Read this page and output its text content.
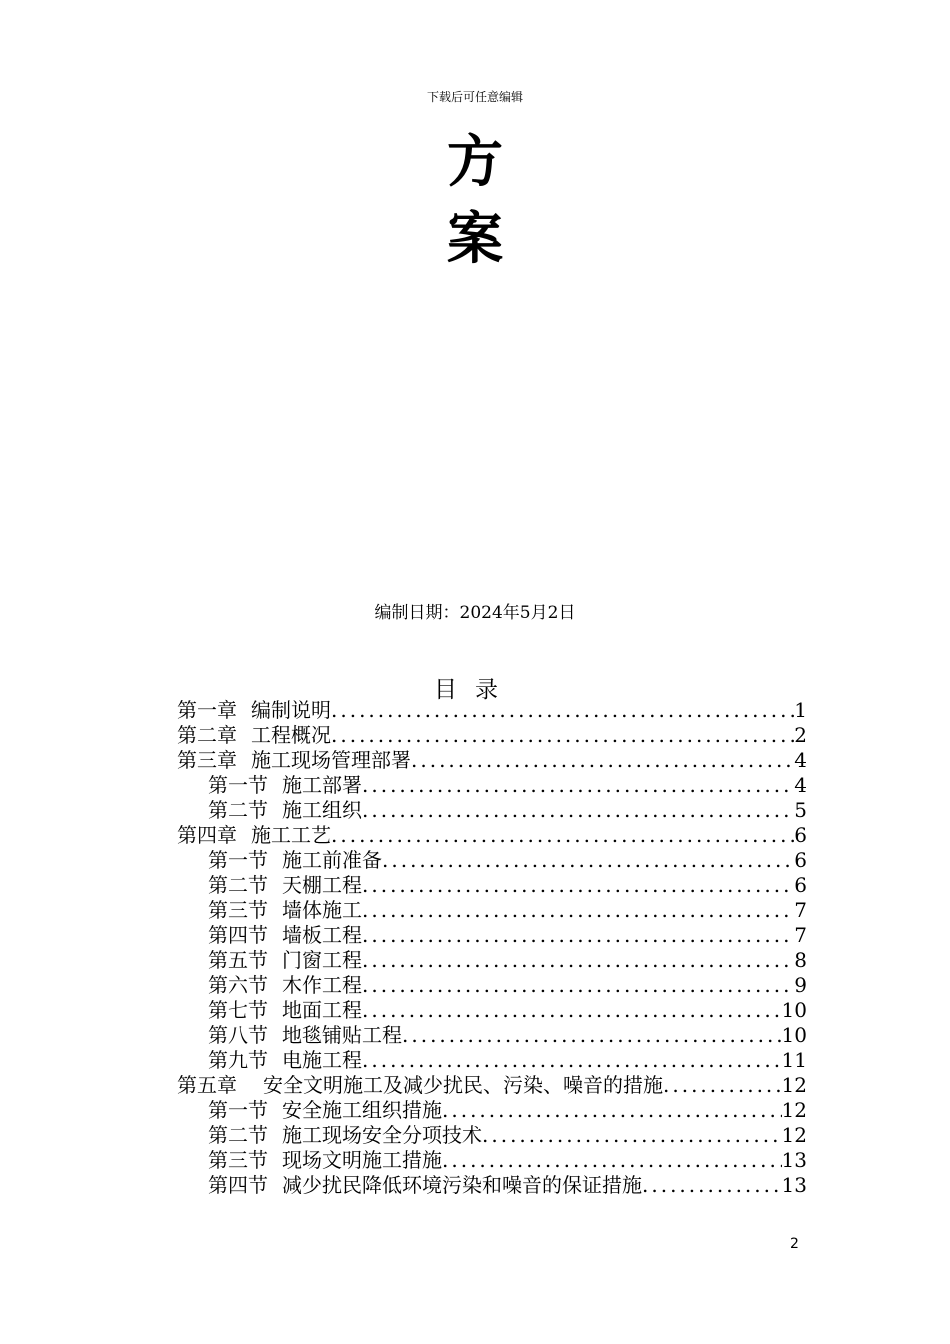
下载后可任意编辑
方
案
编制日期：2024年5月2日
目录
第一章 编制说明 .....	1
第二章 工程概况 .....	2
第三章 施工现场管理部署 .....	4
第一节 施工部署 .....	4
第二节 施工组织 .....	5
第四章 施工工艺 .....	6
第一节 施工前准备 .....	6
第二节 天棚工程 .....	6
第三节 墙体施工 .....	7
第四节 墙板工程 .....	7
第五节 门窗工程 .....	8
第六节 木作工程 .....	9
第七节 地面工程 .....	10
第八节 地毯铺贴工程 .....	10
第九节 电施工程 .....	11
第五章 安全文明施工及减少扰民、污染、噪音的措施 .....	12
第一节 安全施工组织措施 .....	12
第二节 施工现场安全分项技术 .....	12
第三节 现场文明施工措施 .....	13
第四节 减少扰民降低环境污染和噪音的保证措施 .....	13
2
